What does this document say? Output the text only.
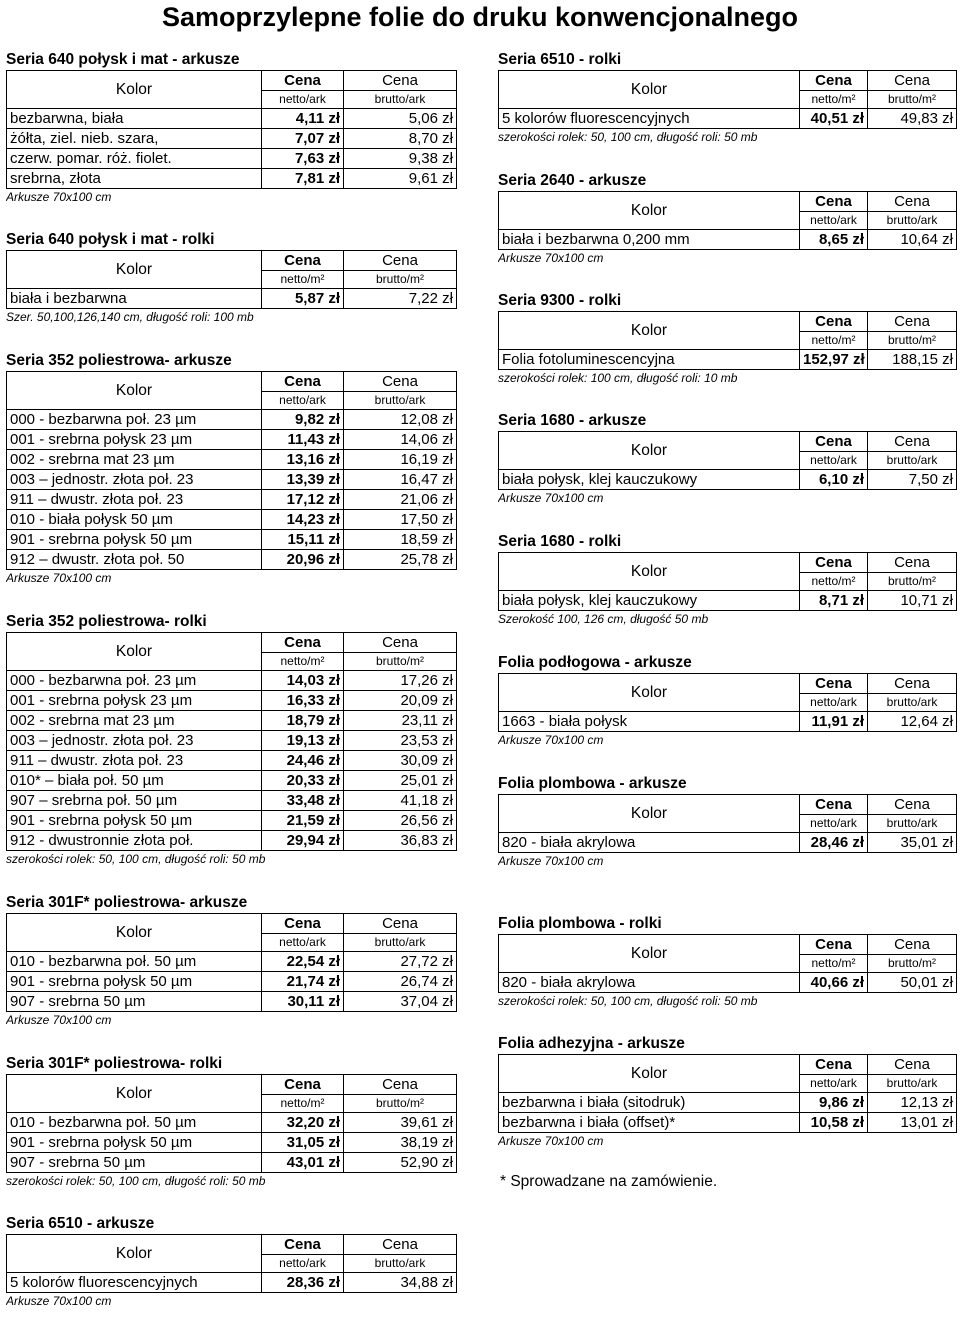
Samoprzylepne folie do druku konwencjonalnego
Seria 640 połysk i mat - arkusze
Kolor	Cena	Cena
	netto/ark	brutto/ark
bezbarwna, biała	4,11 zł	5,06 zł
żółta, ziel. nieb. szara,	7,07 zł	8,70 zł
czerw. pomar. róż. fiolet.	7,63 zł	9,38 zł
srebrna, złota	7,81 zł	9,61 zł
Arkusze 70x100 cm
Seria 640 połysk i mat - rolki
Kolor	Cena	Cena
	netto/m²	brutto/m²
biała i bezbarwna	5,87 zł	7,22 zł
Szer. 50,100,126,140 cm, długość roli: 100 mb
Seria 352 poliestrowa- arkusze
Kolor	Cena	Cena
	netto/ark	brutto/ark
000 - bezbarwna poł. 23 µm	9,82 zł	12,08 zł
001 - srebrna połysk 23 µm	11,43 zł	14,06 zł
002 - srebrna mat 23 µm	13,16 zł	16,19 zł
003 – jednostr. złota poł. 23	13,39 zł	16,47 zł
911 – dwustr. złota poł. 23	17,12 zł	21,06 zł
010 - biała połysk 50 µm	14,23 zł	17,50 zł
901 - srebrna połysk 50 µm	15,11 zł	18,59 zł
912 – dwustr. złota poł. 50	20,96 zł	25,78 zł
Arkusze 70x100 cm
Seria 352 poliestrowa- rolki
Kolor	Cena	Cena
	netto/m²	brutto/m²
000 - bezbarwna poł. 23 µm	14,03 zł	17,26 zł
001 - srebrna połysk 23 µm	16,33 zł	20,09 zł
002 - srebrna mat 23 µm	18,79 zł	23,11 zł
003 – jednostr. złota poł. 23	19,13 zł	23,53 zł
911 – dwustr. złota poł. 23	24,46 zł	30,09 zł
010* – biała poł. 50 µm	20,33 zł	25,01 zł
907 – srebrna poł. 50 µm	33,48 zł	41,18 zł
901 - srebrna połysk 50 µm	21,59 zł	26,56 zł
912 - dwustronnie złota poł.	29,94 zł	36,83 zł
szerokości rolek: 50, 100 cm, długość roli: 50 mb
Seria 301F* poliestrowa- arkusze
Kolor	Cena	Cena
	netto/ark	brutto/ark
010 - bezbarwna poł. 50 µm	22,54 zł	27,72 zł
901 - srebrna połysk 50 µm	21,74 zł	26,74 zł
907 - srebrna 50 µm	30,11 zł	37,04 zł
Arkusze 70x100 cm
Seria 301F* poliestrowa- rolki
Kolor	Cena	Cena
	netto/m²	brutto/m²
010 - bezbarwna poł. 50 µm	32,20 zł	39,61 zł
901 - srebrna połysk 50 µm	31,05 zł	38,19 zł
907 - srebrna 50 µm	43,01 zł	52,90 zł
szerokości rolek: 50, 100 cm, długość roli: 50 mb
Seria 6510 - arkusze
Kolor	Cena	Cena
	netto/ark	brutto/ark
5 kolorów fluorescencyjnych	28,36 zł	34,88 zł
Arkusze 70x100 cm
Seria 6510 - rolki
Kolor	Cena	Cena
	netto/m²	brutto/m²
5 kolorów fluorescencyjnych	40,51 zł	49,83 zł
szerokości rolek: 50, 100 cm, długość roli: 50 mb
Seria 2640 - arkusze
Kolor	Cena	Cena
	netto/ark	brutto/ark
biała i bezbarwna 0,200 mm	8,65 zł	10,64 zł
Arkusze 70x100 cm
Seria 9300 - rolki
Kolor	Cena	Cena
	netto/m²	brutto/m²
Folia fotoluminescencyjna	152,97 zł	188,15 zł
szerokości rolek: 100 cm, długość roli: 10 mb
Seria 1680 - arkusze
Kolor	Cena	Cena
	netto/ark	brutto/ark
biała połysk, klej kauczukowy	6,10 zł	7,50 zł
Arkusze 70x100 cm
Seria 1680 - rolki
Kolor	Cena	Cena
	netto/m²	brutto/m²
biała połysk, klej kauczukowy	8,71 zł	10,71 zł
Szerokość 100, 126 cm, długość 50 mb
Folia podłogowa - arkusze
Kolor	Cena	Cena
	netto/ark	brutto/ark
1663 - biała połysk	11,91 zł	12,64 zł
Arkusze 70x100 cm
Folia plombowa - arkusze
Kolor	Cena	Cena
	netto/ark	brutto/ark
820 - biała akrylowa	28,46 zł	35,01 zł
Arkusze 70x100 cm
Folia plombowa - rolki
Kolor	Cena	Cena
	netto/m²	brutto/m²
820 - biała akrylowa	40,66 zł	50,01 zł
szerokości rolek: 50, 100 cm, długość roli: 50 mb
Folia adhezyjna - arkusze
Kolor	Cena	Cena
	netto/ark	brutto/ark
bezbarwna i biała (sitodruk)	9,86 zł	12,13 zł
bezbarwna i biała (offset)*	10,58 zł	13,01 zł
Arkusze 70x100 cm
* Sprowadzane na zamówienie.
